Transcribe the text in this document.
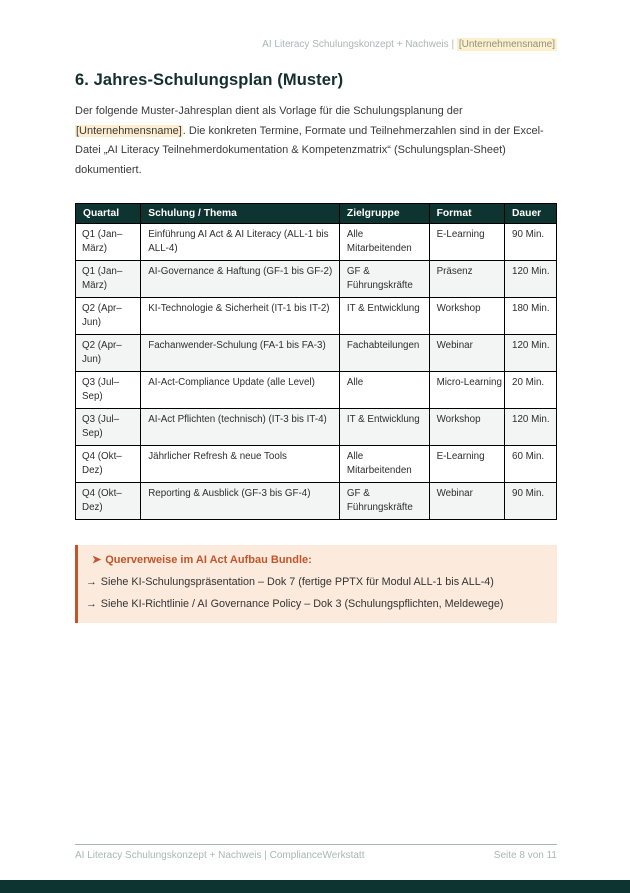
AI Literacy Schulungskonzept + Nachweis | [Unternehmensname]
6. Jahres-Schulungsplan (Muster)

Der folgende Muster-Jahresplan dient als Vorlage für die Schulungsplanung der [Unternehmensname]. Die konkreten Termine, Formate und Teilnehmerzahlen sind in der Excel-Datei „AI Literacy Teilnehmerdokumentation & Kompetenzmatrix“ (Schulungsplan-Sheet) dokumentiert.

Quartal	Schulung / Thema	Zielgruppe	Format	Dauer
Q1 (Jan–März)	Einführung AI Act & AI Literacy (ALL-1 bis ALL-4)	Alle Mitarbeitenden	E-Learning	90 Min.
Q1 (Jan–März)	AI-Governance & Haftung (GF-1 bis GF-2)	GF & Führungskräfte	Präsenz	120 Min.
Q2 (Apr–Jun)	KI-Technologie & Sicherheit (IT-1 bis IT-2)	IT & Entwicklung	Workshop	180 Min.
Q2 (Apr–Jun)	Fachanwender-Schulung (FA-1 bis FA-3)	Fachabteilungen	Webinar	120 Min.
Q3 (Jul–Sep)	AI-Act-Compliance Update (alle Level)	Alle	Micro-Learning	20 Min.
Q3 (Jul–Sep)	AI-Act Pflichten (technisch) (IT-3 bis IT-4)	IT & Entwicklung	Workshop	120 Min.
Q4 (Okt–Dez)	Jährlicher Refresh & neue Tools	Alle Mitarbeitenden	E-Learning	60 Min.
Q4 (Okt–Dez)	Reporting & Ausblick (GF-3 bis GF-4)	GF & Führungskräfte	Webinar	90 Min.

➤ Querverweise im AI Act Aufbau Bundle:

→ Siehe KI-Schulungspräsentation – Dok 7 (fertige PPTX für Modul ALL-1 bis ALL-4)

→ Siehe KI-Richtlinie / AI Governance Policy – Dok 3 (Schulungspflichten, Meldewege)

AI Literacy Schulungskonzept + Nachweis | ComplianceWerkstatt	Seite 8 von 11
